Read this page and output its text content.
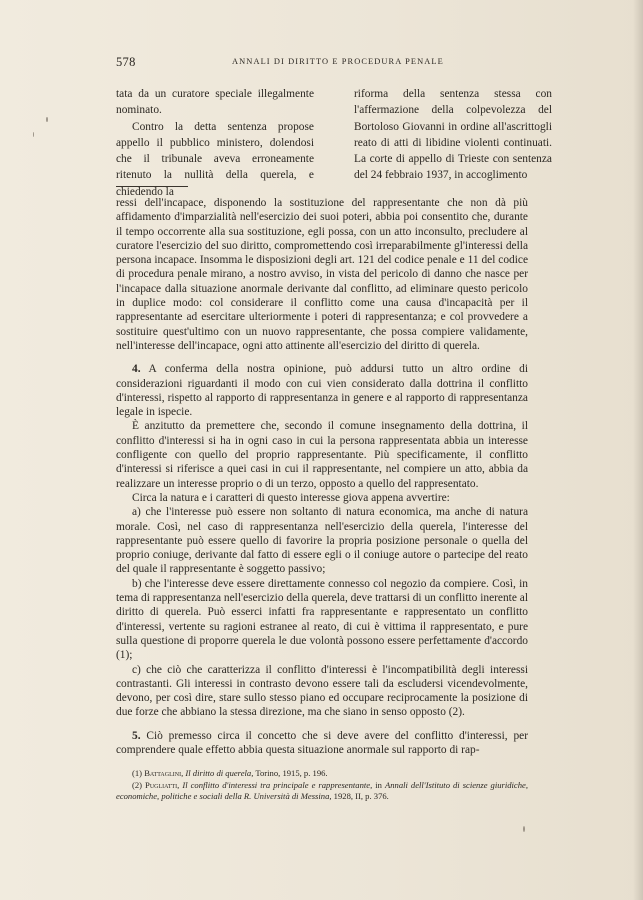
578	ANNALI DI DIRITTO E PROCEDURA PENALE

tata da un curatore speciale illegalmente nominato.

Contro la detta sentenza propose appello il pubblico ministero, dolendosi che il tribunale aveva erroneamente ritenuto la nullità della querela, e chiedendo la

riforma della sentenza stessa con l'affermazione della colpevolezza del Bortoloso Giovanni in ordine all'ascrittogli reato di atti di libidine violenti continuati. La corte di appello di Trieste con sentenza del 24 febbraio 1937, in accoglimento

ressi dell'incapace, disponendo la sostituzione del rappresentante che non dà più affidamento d'imparzialità nell'esercizio dei suoi poteri, abbia poi consentito che, durante il tempo occorrente alla sua sostituzione, egli possa, con un atto inconsulto, precludere al curatore l'esercizio del suo diritto, compromettendo così irreparabilmente gl'interessi della persona incapace. Insomma le disposizioni degli art. 121 del codice penale e 11 del codice di procedura penale mirano, a nostro avviso, in vista del pericolo di danno che nasce per l'incapace dalla situazione anormale derivante dal conflitto, ad eliminare questo pericolo in duplice modo: col considerare il conflitto come una causa d'incapacità per il rappresentante ad esercitare ulteriormente i poteri di rappresentanza; e col provvedere a sostituire quest'ultimo con un nuovo rappresentante, che possa compiere validamente, nell'interesse dell'incapace, ogni atto attinente all'esercizio del diritto di querela.

4. A conferma della nostra opinione, può addursi tutto un altro ordine di considerazioni riguardanti il modo con cui vien considerato dalla dottrina il conflitto d'interessi, rispetto al rapporto di rappresentanza in genere e al rapporto di rappresentanza legale in ispecie.

È anzitutto da premettere che, secondo il comune insegnamento della dottrina, il conflitto d'interessi si ha in ogni caso in cui la persona rappresentata abbia un interesse confligente con quello del proprio rappresentante. Più specificamente, il conflitto d'interessi si riferisce a quei casi in cui il rappresentante, nel compiere un atto, abbia da realizzare un interesse proprio o di un terzo, opposto a quello del rappresentato.

Circa la natura e i caratteri di questo interesse giova appena avvertire:

a) che l'interesse può essere non soltanto di natura economica, ma anche di natura morale. Così, nel caso di rappresentanza nell'esercizio della querela, l'interesse del rappresentante può essere quello di favorire la propria posizione personale o quella del proprio coniuge, derivante dal fatto di essere egli o il coniuge autore o partecipe del reato del quale il rappresentante è soggetto passivo;

b) che l'interesse deve essere direttamente connesso col negozio da compiere. Così, in tema di rappresentanza nell'esercizio della querela, deve trattarsi di un conflitto inerente al diritto di querela. Può esserci infatti fra rappresentante e rappresentato un conflitto d'interessi, vertente su ragioni estranee al reato, di cui è vittima il rappresentato, e pure sulla questione di proporre querela le due volontà possono essere perfettamente d'accordo (1);

c) che ciò che caratterizza il conflitto d'interessi è l'incompatibilità degli interessi contrastanti. Gli interessi in contrasto devono essere tali da escludersi vicendevolmente, devono, per così dire, stare sullo stesso piano ed occupare reciprocamente la posizione di due forze che abbiano la stessa direzione, ma che siano in senso opposto (2).

5. Ciò premesso circa il concetto che si deve avere del conflitto d'interessi, per comprendere quale effetto abbia questa situazione anormale sul rapporto di rap-

(1) Battaglini, Il diritto di querela, Torino, 1915, p. 196.

(2) Pugliatti, Il conflitto d'interessi tra principale e rappresentante, in Annali dell'Istituto di scienze giuridiche, economiche, politiche e sociali della R. Università di Messina, 1928, II, p. 376.
